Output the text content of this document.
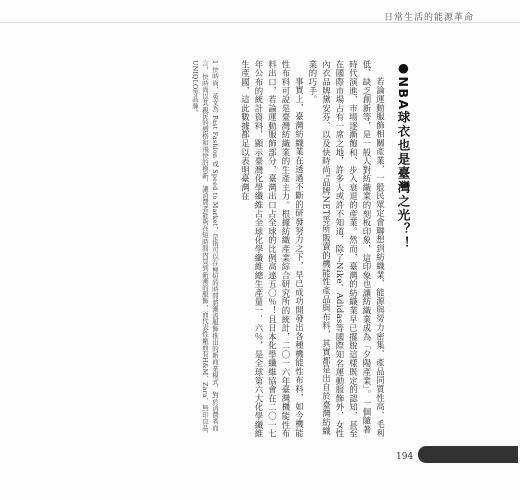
日常生活的能源革命
●NBA球衣也是臺灣之光？！

若論運動服飾相關產業，一般民眾定會聯想到紡織業，能源與勞力密集、產品同質性高、毛利低、缺乏創新等，是一般人對紡織業的刻板印象，這印象也讓紡織業成為「夕陽產業」。一個隨著時代演進、市場逐漸飽和、步入衰退的產業。然而，臺灣的紡織業早已擺脫這樣既定的認知，甚至在國際市場占有一席之地，許多人或許不知道，除了Nike、Adidas等國際知名運動服飾外，女性內衣品牌黛安芬、以及快時尚¹品牌NET等所販賣的機能性產品與布料，其實都是出自於臺灣紡織業的巧手。

事實上，臺灣紡織業在透過不斷的研發努力之下，早已成功開發出各種機能性布料，如今機能性布料可說是臺灣紡織業的生產主力。根據紡織產業綜合研究所的統計，二〇一六年臺灣機能性布料出口，若論運動服飾部分，臺灣出口占全球的比例高達五〇％！且日本化學纖維協會在二〇一七年公布的統計資料，顯示臺灣化學纖維占全球化學纖維總生產量一．六％，是全球第六大化學纖維生產國，這此數據都足以表明臺灣在

1 快時尚，英文為 Fast Fashion 或 Speed to Market，是指可以在極短的時間將潮流服飾推出的新商業模式，對於消費者而言，快時尚以其親民的價格和飛快的換新，讓消費者能夠在短時間內買到新潮的服飾，而代表性廠商有H&M、Zara、無印良品、UNIQLO等品牌。

194
